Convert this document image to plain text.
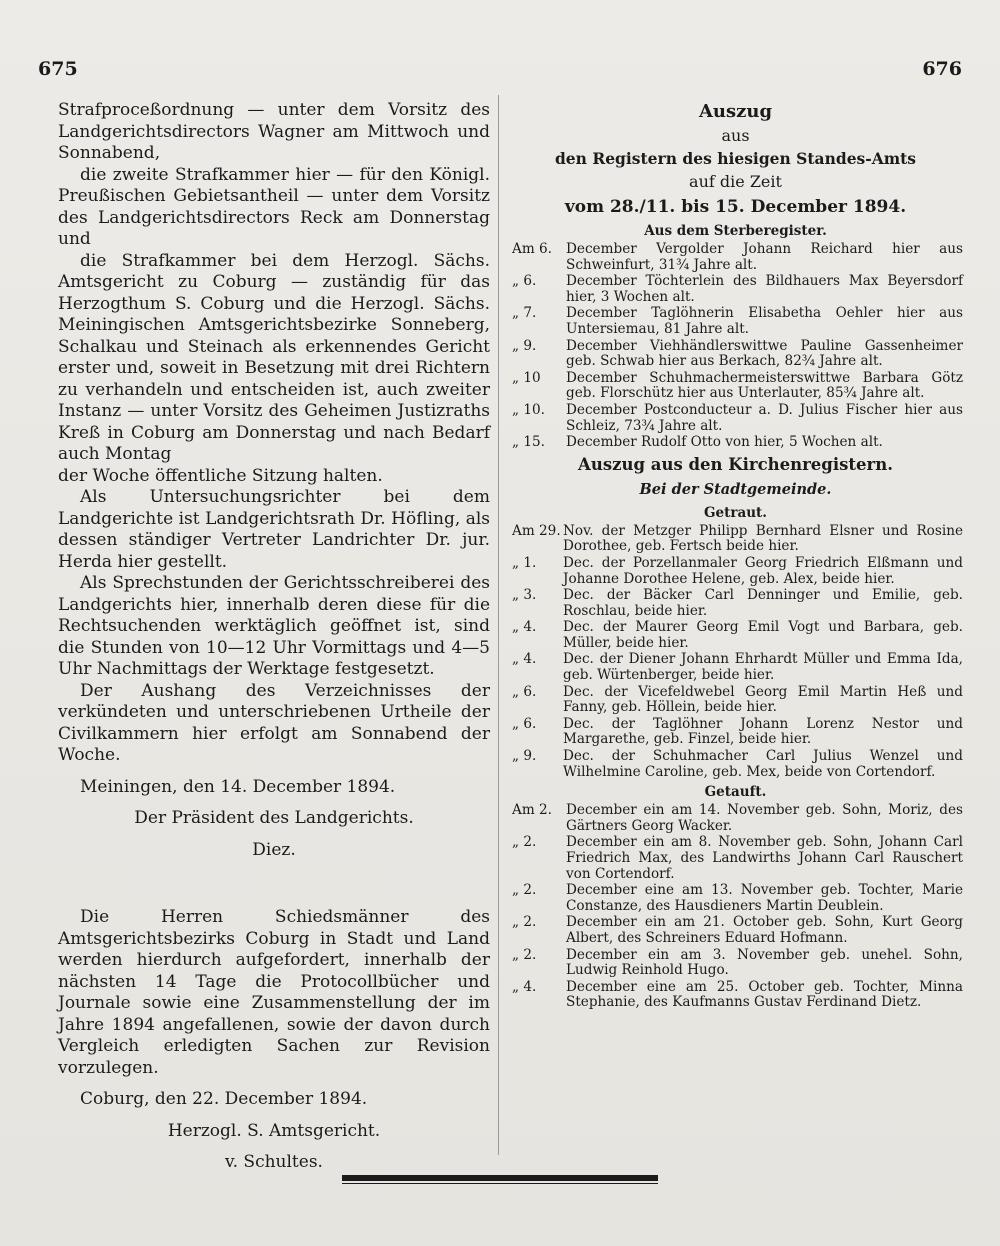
675	676

Strafproceßordnung — unter dem Vorsitz des Landgerichtsdirectors Wagner am Mittwoch und Sonnabend,

die zweite Strafkammer hier — für den Königl. Preußischen Gebietsantheil — unter dem Vorsitz des Landgerichtsdirectors Reck am Donnerstag und

die Strafkammer bei dem Herzogl. Sächs. Amtsgericht zu Coburg — zuständig für das Herzogthum S. Coburg und die Herzogl. Sächs. Meiningischen Amtsgerichtsbezirke Sonneberg, Schalkau und Steinach als erkennendes Gericht erster und, soweit in Besetzung mit drei Richtern zu verhandeln und entscheiden ist, auch zweiter Instanz — unter Vorsitz des Geheimen Justizraths Kreß in Coburg am Donnerstag und nach Bedarf auch Montag

der Woche öffentliche Sitzung halten.

Als Untersuchungsrichter bei dem Landgerichte ist Landgerichtsrath Dr. Höfling, als dessen ständiger Vertreter Landrichter Dr. jur. Herda hier gestellt.

Als Sprechstunden der Gerichtsschreiberei des Landgerichts hier, innerhalb deren diese für die Rechtsuchenden werktäglich geöffnet ist, sind die Stunden von 10—12 Uhr Vormittags und 4—5 Uhr Nachmittags der Werktage festgesetzt.

Der Aushang des Verzeichnisses der verkündeten und unterschriebenen Urtheile der Civilkammern hier erfolgt am Sonnabend der Woche.

Meiningen, den 14. December 1894.

Der Präsident des Landgerichts.

Diez.

Die Herren Schiedsmänner des Amtsgerichtsbezirks Coburg in Stadt und Land werden hierdurch aufgefordert, innerhalb der nächsten 14 Tage die Protocollbücher und Journale sowie eine Zusammenstellung der im Jahre 1894 angefallenen, sowie der davon durch Vergleich erledigten Sachen zur Revision vorzulegen.

Coburg, den 22. December 1894.

Herzogl. S. Amtsgericht.

v. Schultes.

Auszug

aus

den Registern des hiesigen Standes-Amts

auf die Zeit

vom 28./11. bis 15. December 1894.

Aus dem Sterberegister.

Am 6.	December Vergolder Johann Reichard hier aus Schweinfurt, 31¾ Jahre alt.
„ 6.	December Töchterlein des Bildhauers Max Beyersdorf hier, 3 Wochen alt.
„ 7.	December Taglöhnerin Elisabetha Oehler hier aus Untersiemau, 81 Jahre alt.
„ 9.	December Viehhändlerswittwe Pauline Gassenheimer geb. Schwab hier aus Berkach, 82¾ Jahre alt.
„ 10	December Schuhmachermeisterswittwe Barbara Götz geb. Florschütz hier aus Unterlauter, 85¾ Jahre alt.
„ 10.	December Postconducteur a. D. Julius Fischer hier aus Schleiz, 73¾ Jahre alt.
„ 15.	December Rudolf Otto von hier, 5 Wochen alt.

Auszug aus den Kirchenregistern.

Bei der Stadtgemeinde.

Getraut.

Am 29. Nov. der Metzger Philipp Bernhard Elsner und Rosine Dorothee, geb. Fertsch beide hier.
„ 1.	Dec. der Porzellanmaler Georg Friedrich Elßmann und Johanne Dorothee Helene, geb. Alex, beide hier.
„ 3.	Dec. der Bäcker Carl Denninger und Emilie, geb. Roschlau, beide hier.
„ 4.	Dec. der Maurer Georg Emil Vogt und Barbara, geb. Müller, beide hier.
„ 4.	Dec. der Diener Johann Ehrhardt Müller und Emma Ida, geb. Würtenberger, beide hier.
„ 6.	Dec. der Vicefeldwebel Georg Emil Martin Heß und Fanny, geb. Höllein, beide hier.
„ 6.	Dec. der Taglöhner Johann Lorenz Nestor und Margarethe, geb. Finzel, beide hier.
„ 9.	Dec. der Schuhmacher Carl Julius Wenzel und Wilhelmine Caroline, geb. Mex, beide von Cortendorf.

Getauft.

Am 2.	December ein am 14. November geb. Sohn, Moriz, des Gärtners Georg Wacker.
„ 2.	December ein am 8. November geb. Sohn, Johann Carl Friedrich Max, des Landwirths Johann Carl Rauschert von Cortendorf.
„ 2.	December eine am 13. November geb. Tochter, Marie Constanze, des Hausdieners Martin Deublein.
„ 2.	December ein am 21. October geb. Sohn, Kurt Georg Albert, des Schreiners Eduard Hofmann.
„ 2.	December ein am 3. November geb. unehel. Sohn, Ludwig Reinhold Hugo.
„ 4.	December eine am 25. October geb. Tochter, Minna Stephanie, des Kaufmanns Gustav Ferdinand Dietz.
